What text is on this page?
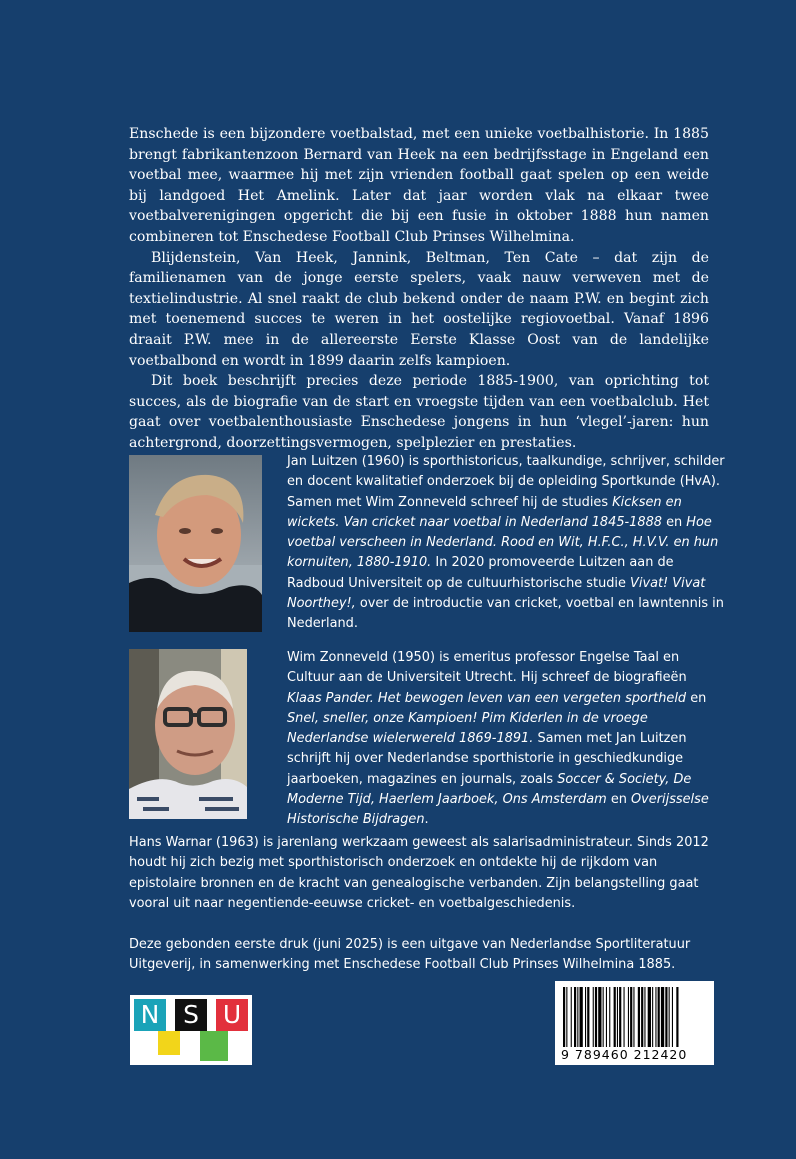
Enschede is een bijzondere voetbalstad, met een unieke voetbalhistorie. In 1885 brengt fabrikantenzoon Bernard van Heek na een bedrijfsstage in Engeland een voetbal mee, waarmee hij met zijn vrienden football gaat spelen op een weide bij landgoed Het Amelink. Later dat jaar worden vlak na elkaar twee voetbalverenigingen opgericht die bij een fusie in oktober 1888 hun namen combineren tot Enschedese Football Club Prinses Wilhelmina.

Blijdenstein, Van Heek, Jannink, Beltman, Ten Cate – dat zijn de familienamen van de jonge eerste spelers, vaak nauw verweven met de textielindustrie. Al snel raakt de club bekend onder de naam P.W. en begint zich met toenemend succes te weren in het oostelijke regiovoetbal. Vanaf 1896 draait P.W. mee in de allereerste Eerste Klasse Oost van de landelijke voetbalbond en wordt in 1899 daarin zelfs kampioen.

Dit boek beschrijft precies deze periode 1885-1900, van oprichting tot succes, als de biografie van de start en vroegste tijden van een voetbalclub. Het gaat over voetbalenthousiaste Enschedese jongens in hun ‘vlegel’-jaren: hun achtergrond, doorzettingsvermogen, spelplezier en prestaties.

Jan Luitzen (1960) is sporthistoricus, taalkundige, schrijver, schilder en docent kwalitatief onderzoek bij de opleiding Sportkunde (HvA). Samen met Wim Zonneveld schreef hij de studies Kicksen en wickets. Van cricket naar voetbal in Nederland 1845-1888 en Hoe voetbal verscheen in Nederland. Rood en Wit, H.F.C., H.V.V. en hun kornuiten, 1880-1910. In 2020 promoveerde Luitzen aan de Radboud Universiteit op de cultuurhistorische studie Vivat! Vivat Noorthey!, over de introductie van cricket, voetbal en lawntennis in Nederland.

Wim Zonneveld (1950) is emeritus professor Engelse Taal en Cultuur aan de Universiteit Utrecht. Hij schreef de biografieën Klaas Pander. Het bewogen leven van een vergeten sportheld en Snel, sneller, onze Kampioen! Pim Kiderlen in de vroege Nederlandse wielerwereld 1869-1891. Samen met Jan Luitzen schrijft hij over Nederlandse sporthistorie in geschiedkundige jaarboeken, magazines en journals, zoals Soccer & Society, De Moderne Tijd, Haerlem Jaarboek, Ons Amsterdam en Overijsselse Historische Bijdragen.

Hans Warnar (1963) is jarenlang werkzaam geweest als salarisadministrateur. Sinds 2012 houdt hij zich bezig met sporthistorisch onderzoek en ontdekte hij de rijkdom van epistolaire bronnen en de kracht van genealogische verbanden. Zijn belangstelling gaat vooral uit naar negentiende-eeuwse cricket- en voetbalgeschiedenis.

Deze gebonden eerste druk (juni 2025) is een uitgave van Nederlandse Sportliteratuur Uitgeverij, in samenwerking met Enschedese Football Club Prinses Wilhelmina 1885.

N S U
9 789460 212420
